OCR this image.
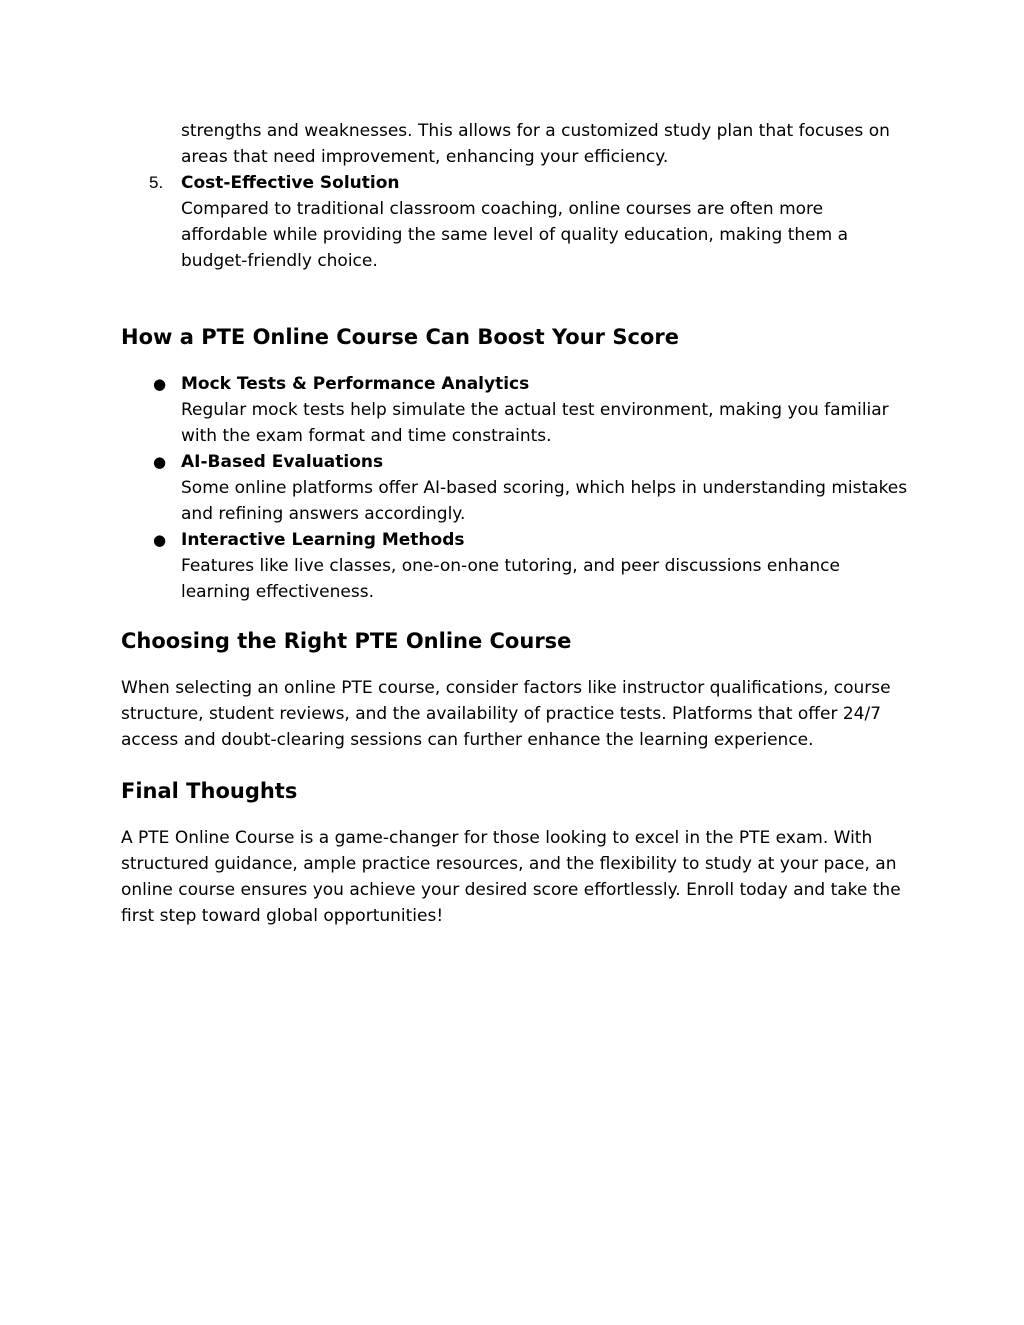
strengths and weaknesses. This allows for a customized study plan that focuses on areas that need improvement, enhancing your efficiency.
5. Cost-Effective Solution
Compared to traditional classroom coaching, online courses are often more affordable while providing the same level of quality education, making them a budget-friendly choice.
How a PTE Online Course Can Boost Your Score
● Mock Tests & Performance Analytics
Regular mock tests help simulate the actual test environment, making you familiar with the exam format and time constraints.
● AI-Based Evaluations
Some online platforms offer AI-based scoring, which helps in understanding mistakes and refining answers accordingly.
● Interactive Learning Methods
Features like live classes, one-on-one tutoring, and peer discussions enhance learning effectiveness.
Choosing the Right PTE Online Course

When selecting an online PTE course, consider factors like instructor qualifications, course structure, student reviews, and the availability of practice tests. Platforms that offer 24/7 access and doubt-clearing sessions can further enhance the learning experience.

Final Thoughts

A PTE Online Course is a game-changer for those looking to excel in the PTE exam. With structured guidance, ample practice resources, and the flexibility to study at your pace, an online course ensures you achieve your desired score effortlessly. Enroll today and take the first step toward global opportunities!
